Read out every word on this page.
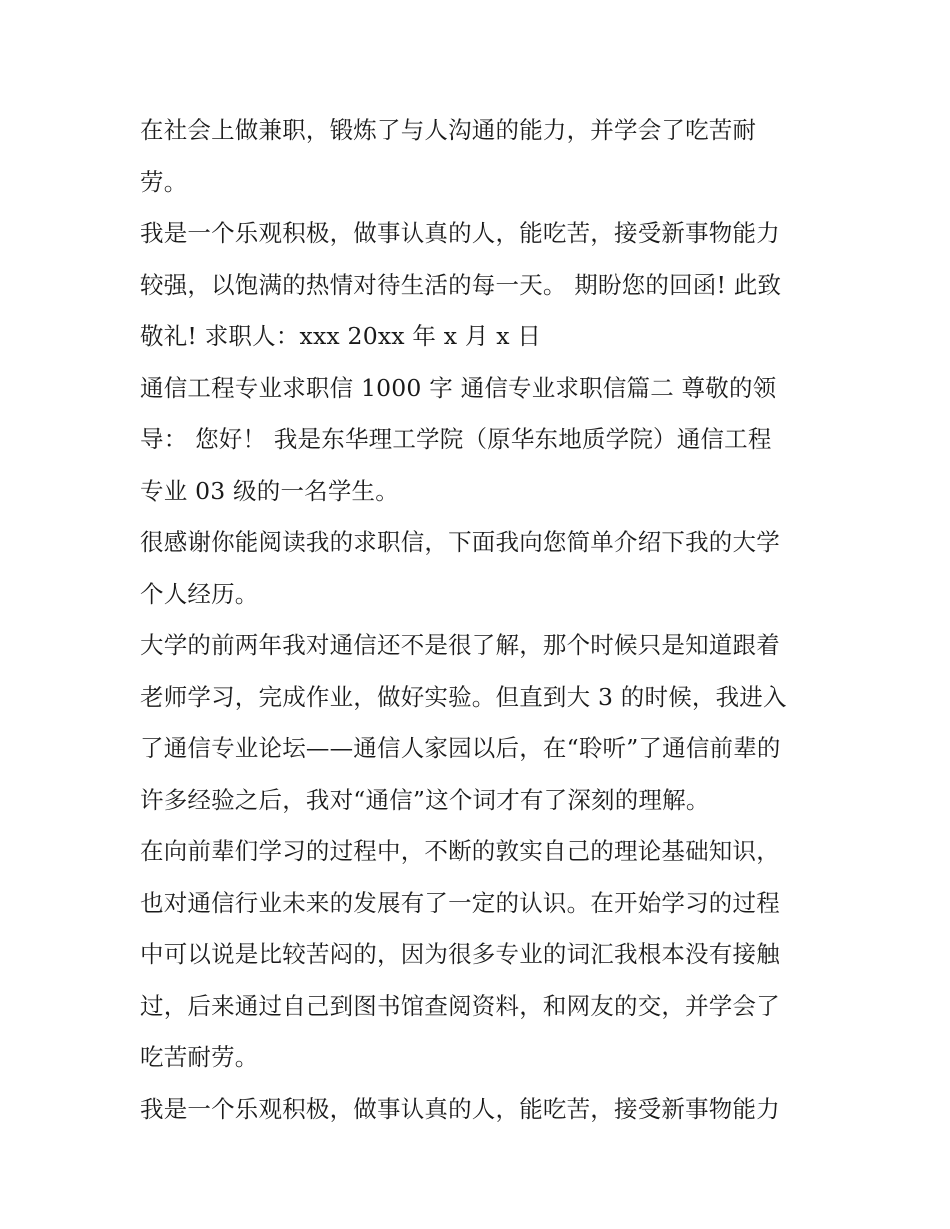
在社会上做兼职，锻炼了与人沟通的能力，并学会了吃苦耐
劳。
我是一个乐观积极，做事认真的人，能吃苦，接受新事物能力
较强，以饱满的热情对待生活的每一天。 期盼您的回函! 此致
敬礼! 求职人：xxx 20xx 年 x 月 x 日
通信工程专业求职信 1000 字 通信专业求职信篇二 尊敬的领
导： 您好！ 我是东华理工学院（原华东地质学院）通信工程
专业 03 级的一名学生。
很感谢你能阅读我的求职信，下面我向您简单介绍下我的大学
个人经历。
大学的前两年我对通信还不是很了解，那个时候只是知道跟着
老师学习，完成作业，做好实验。但直到大 3 的时候，我进入
了通信专业论坛——通信人家园以后，在“聆听”了通信前辈的
许多经验之后，我对“通信”这个词才有了深刻的理解。
在向前辈们学习的过程中，不断的敦实自己的理论基础知识，
也对通信行业未来的发展有了一定的认识。在开始学习的过程
中可以说是比较苦闷的，因为很多专业的词汇我根本没有接触
过，后来通过自己到图书馆查阅资料，和网友的交，并学会了
吃苦耐劳。
我是一个乐观积极，做事认真的人，能吃苦，接受新事物能力
